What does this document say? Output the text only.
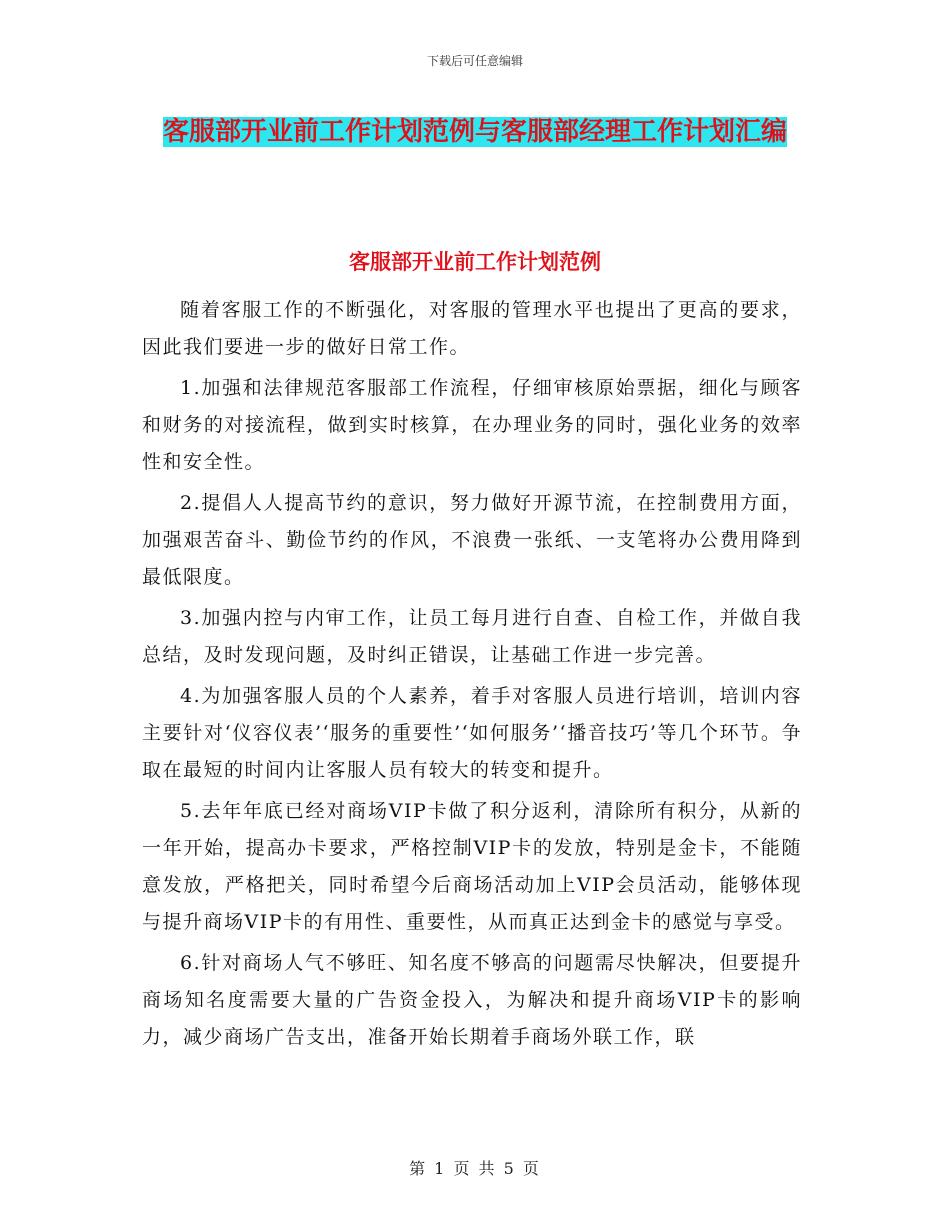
下载后可任意编辑
客服部开业前工作计划范例与客服部经理工作计划汇编
客服部开业前工作计划范例

随着客服工作的不断强化，对客服的管理水平也提出了更高的要求，因此我们要进一步的做好日常工作。

1.加强和法律规范客服部工作流程，仔细审核原始票据，细化与顾客和财务的对接流程，做到实时核算，在办理业务的同时，强化业务的效率性和安全性。

2.提倡人人提高节约的意识，努力做好开源节流，在控制费用方面，加强艰苦奋斗、勤俭节约的作风，不浪费一张纸、一支笔将办公费用降到最低限度。

3.加强内控与内审工作，让员工每月进行自查、自检工作，并做自我总结，及时发现问题，及时纠正错误，让基础工作进一步完善。

4.为加强客服人员的个人素养，着手对客服人员进行培训，培训内容主要针对‘仪容仪表’‘服务的重要性’‘如何服务’‘播音技巧’等几个环节。争取在最短的时间内让客服人员有较大的转变和提升。

5.去年年底已经对商场VIP卡做了积分返利，清除所有积分，从新的一年开始，提高办卡要求，严格控制VIP卡的发放，特别是金卡，不能随意发放，严格把关，同时希望今后商场活动加上VIP会员活动，能够体现与提升商场VIP卡的有用性、重要性，从而真正达到金卡的感觉与享受。

6.针对商场人气不够旺、知名度不够高的问题需尽快解决，但要提升商场知名度需要大量的广告资金投入，为解决和提升商场VIP卡的影响力，减少商场广告支出，准备开始长期着手商场外联工作，联

第 1 页 共 5 页
